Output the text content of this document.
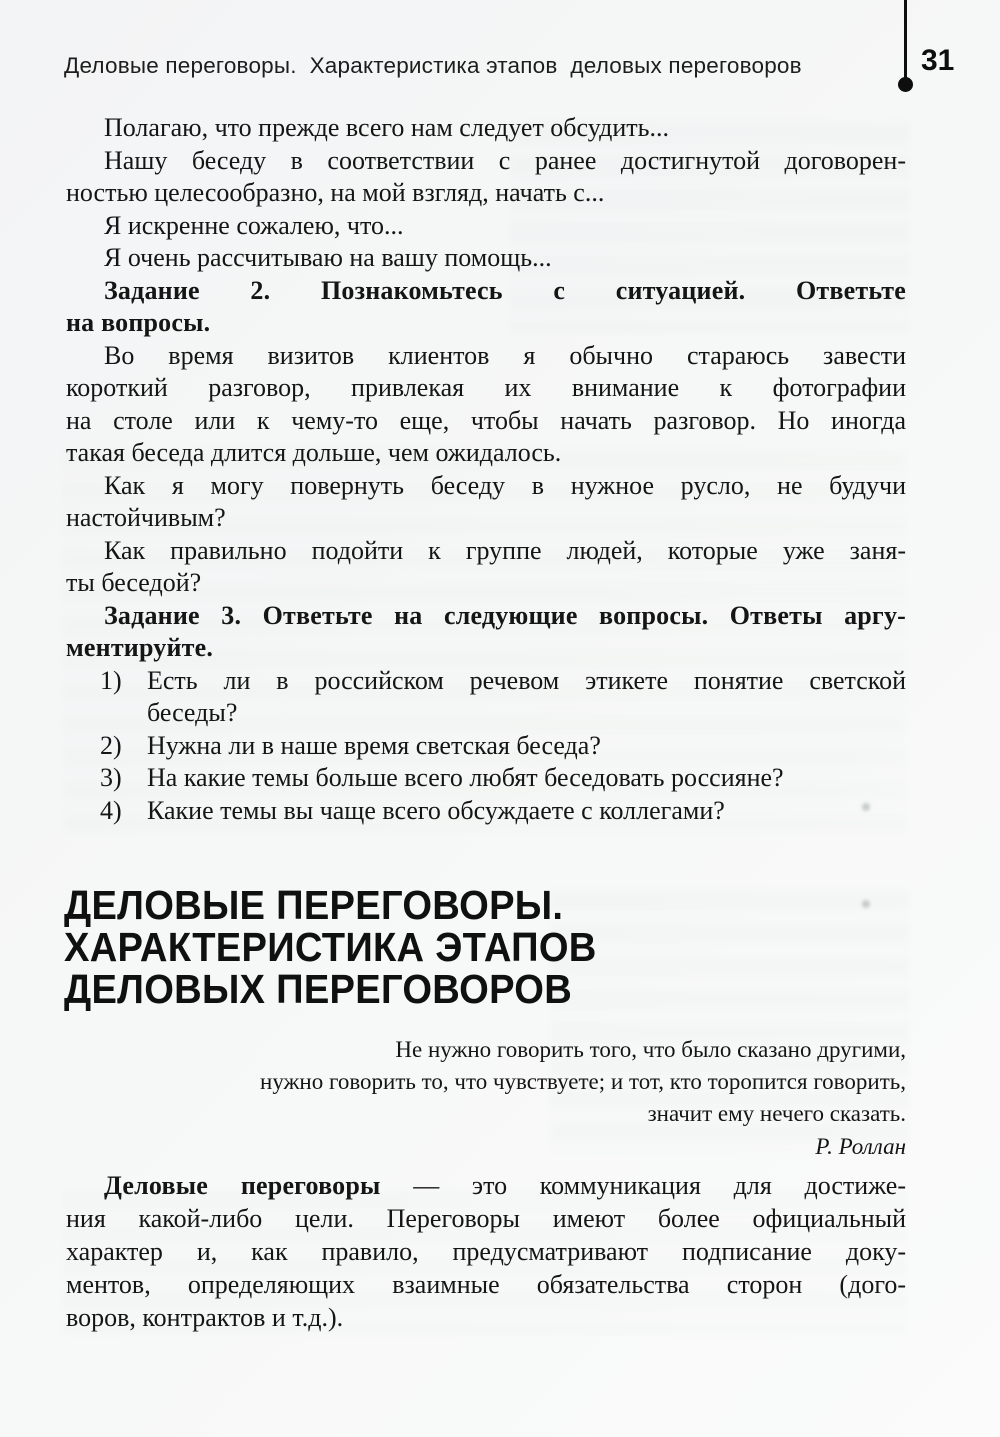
Деловые переговоры.  Характеристика этапов  деловых переговоров	31
Полагаю, что прежде всего нам следует обсудить...
Нашу беседу в соответствии с ранее достигнутой договорен-
ностью целесообразно, на мой взгляд, начать с...
Я искренне сожалею, что...
Я очень рассчитываю на вашу помощь...
Задание 2. Познакомьтесь с ситуацией. Ответьте
на вопросы.
Во время визитов клиентов я обычно стараюсь завести
короткий разговор, привлекая их внимание к фотографии
на столе или к чему-то еще, чтобы начать разговор. Но иногда
такая беседа длится дольше, чем ожидалось.
Как я могу повернуть беседу в нужное русло, не будучи
настойчивым?
Как правильно подойти к группе людей, которые уже заня-
ты беседой?
Задание 3. Ответьте на следующие вопросы. Ответы аргу-
ментируйте.
1) Есть ли в российском речевом этикете понятие светской
беседы?
2) Нужна ли в наше время светская беседа?
3) На какие темы больше всего любят беседовать россияне?
4) Какие темы вы чаще всего обсуждаете с коллегами?
ДЕЛОВЫЕ ПЕРЕГОВОРЫ.
ХАРАКТЕРИСТИКА ЭТАПОВ
ДЕЛОВЫХ ПЕРЕГОВОРОВ
Не нужно говорить того, что было сказано другими,
нужно говорить то, что чувствуете; и тот, кто торопится говорить,
значит ему нечего сказать.
Р. Роллан
Деловые переговоры — это коммуникация для достиже-
ния какой-либо цели. Переговоры имеют более официальный
характер и, как правило, предусматривают подписание доку-
ментов, определяющих взаимные обязательства сторон (дого-
воров, контрактов и т.д.).
